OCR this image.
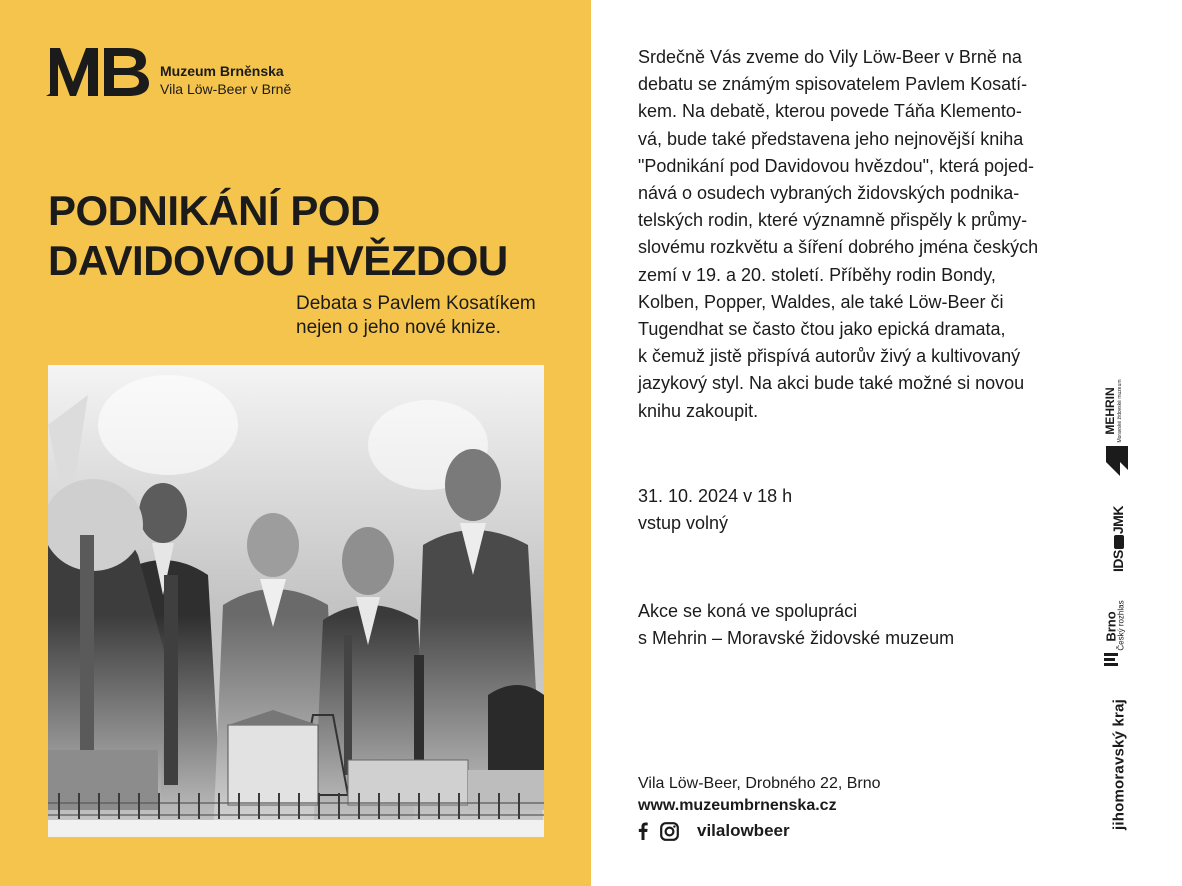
Muzeum Brněnska
Vila Löw-Beer v Brně
PODNIKÁNÍ POD
DAVIDOVOU HVĚZDOU
Debata s Pavlem Kosatíkem
nejen o jeho nové knize.

Srdečně Vás zveme do Vily Löw-Beer v Brně na
debatu se známým spisovatelem Pavlem Kosatí-
kem. Na debatě, kterou povede Táňa Klemento-
vá, bude také představena jeho nejnovější kniha
"Podnikání pod Davidovou hvězdou", která pojed-
nává o osudech vybraných židovských podnika-
telských rodin, které významně přispěly k průmy-
slovému rozkvětu a šíření dobrého jména českých
zemí v 19. a 20. století. Příběhy rodin Bondy,
Kolben, Popper, Waldes, ale také Löw-Beer či
Tugendhat se často čtou jako epická dramata,
k čemuž jistě přispívá autorův živý a kultivovaný
jazykový styl. Na akci bude také možné si novou
knihu zakoupit.

31. 10. 2024 v 18 h
vstup volný
Akce se koná ve spolupráci
s Mehrin – Moravské židovské muzeum
Vila Löw-Beer, Drobného 22, Brno
www.muzeumbrnenska.cz
vilalowbeer
MEHRIN Moravské židovské muzeum
IDSJMK
Brno
Český rozhlas
jihomoravský kraj
